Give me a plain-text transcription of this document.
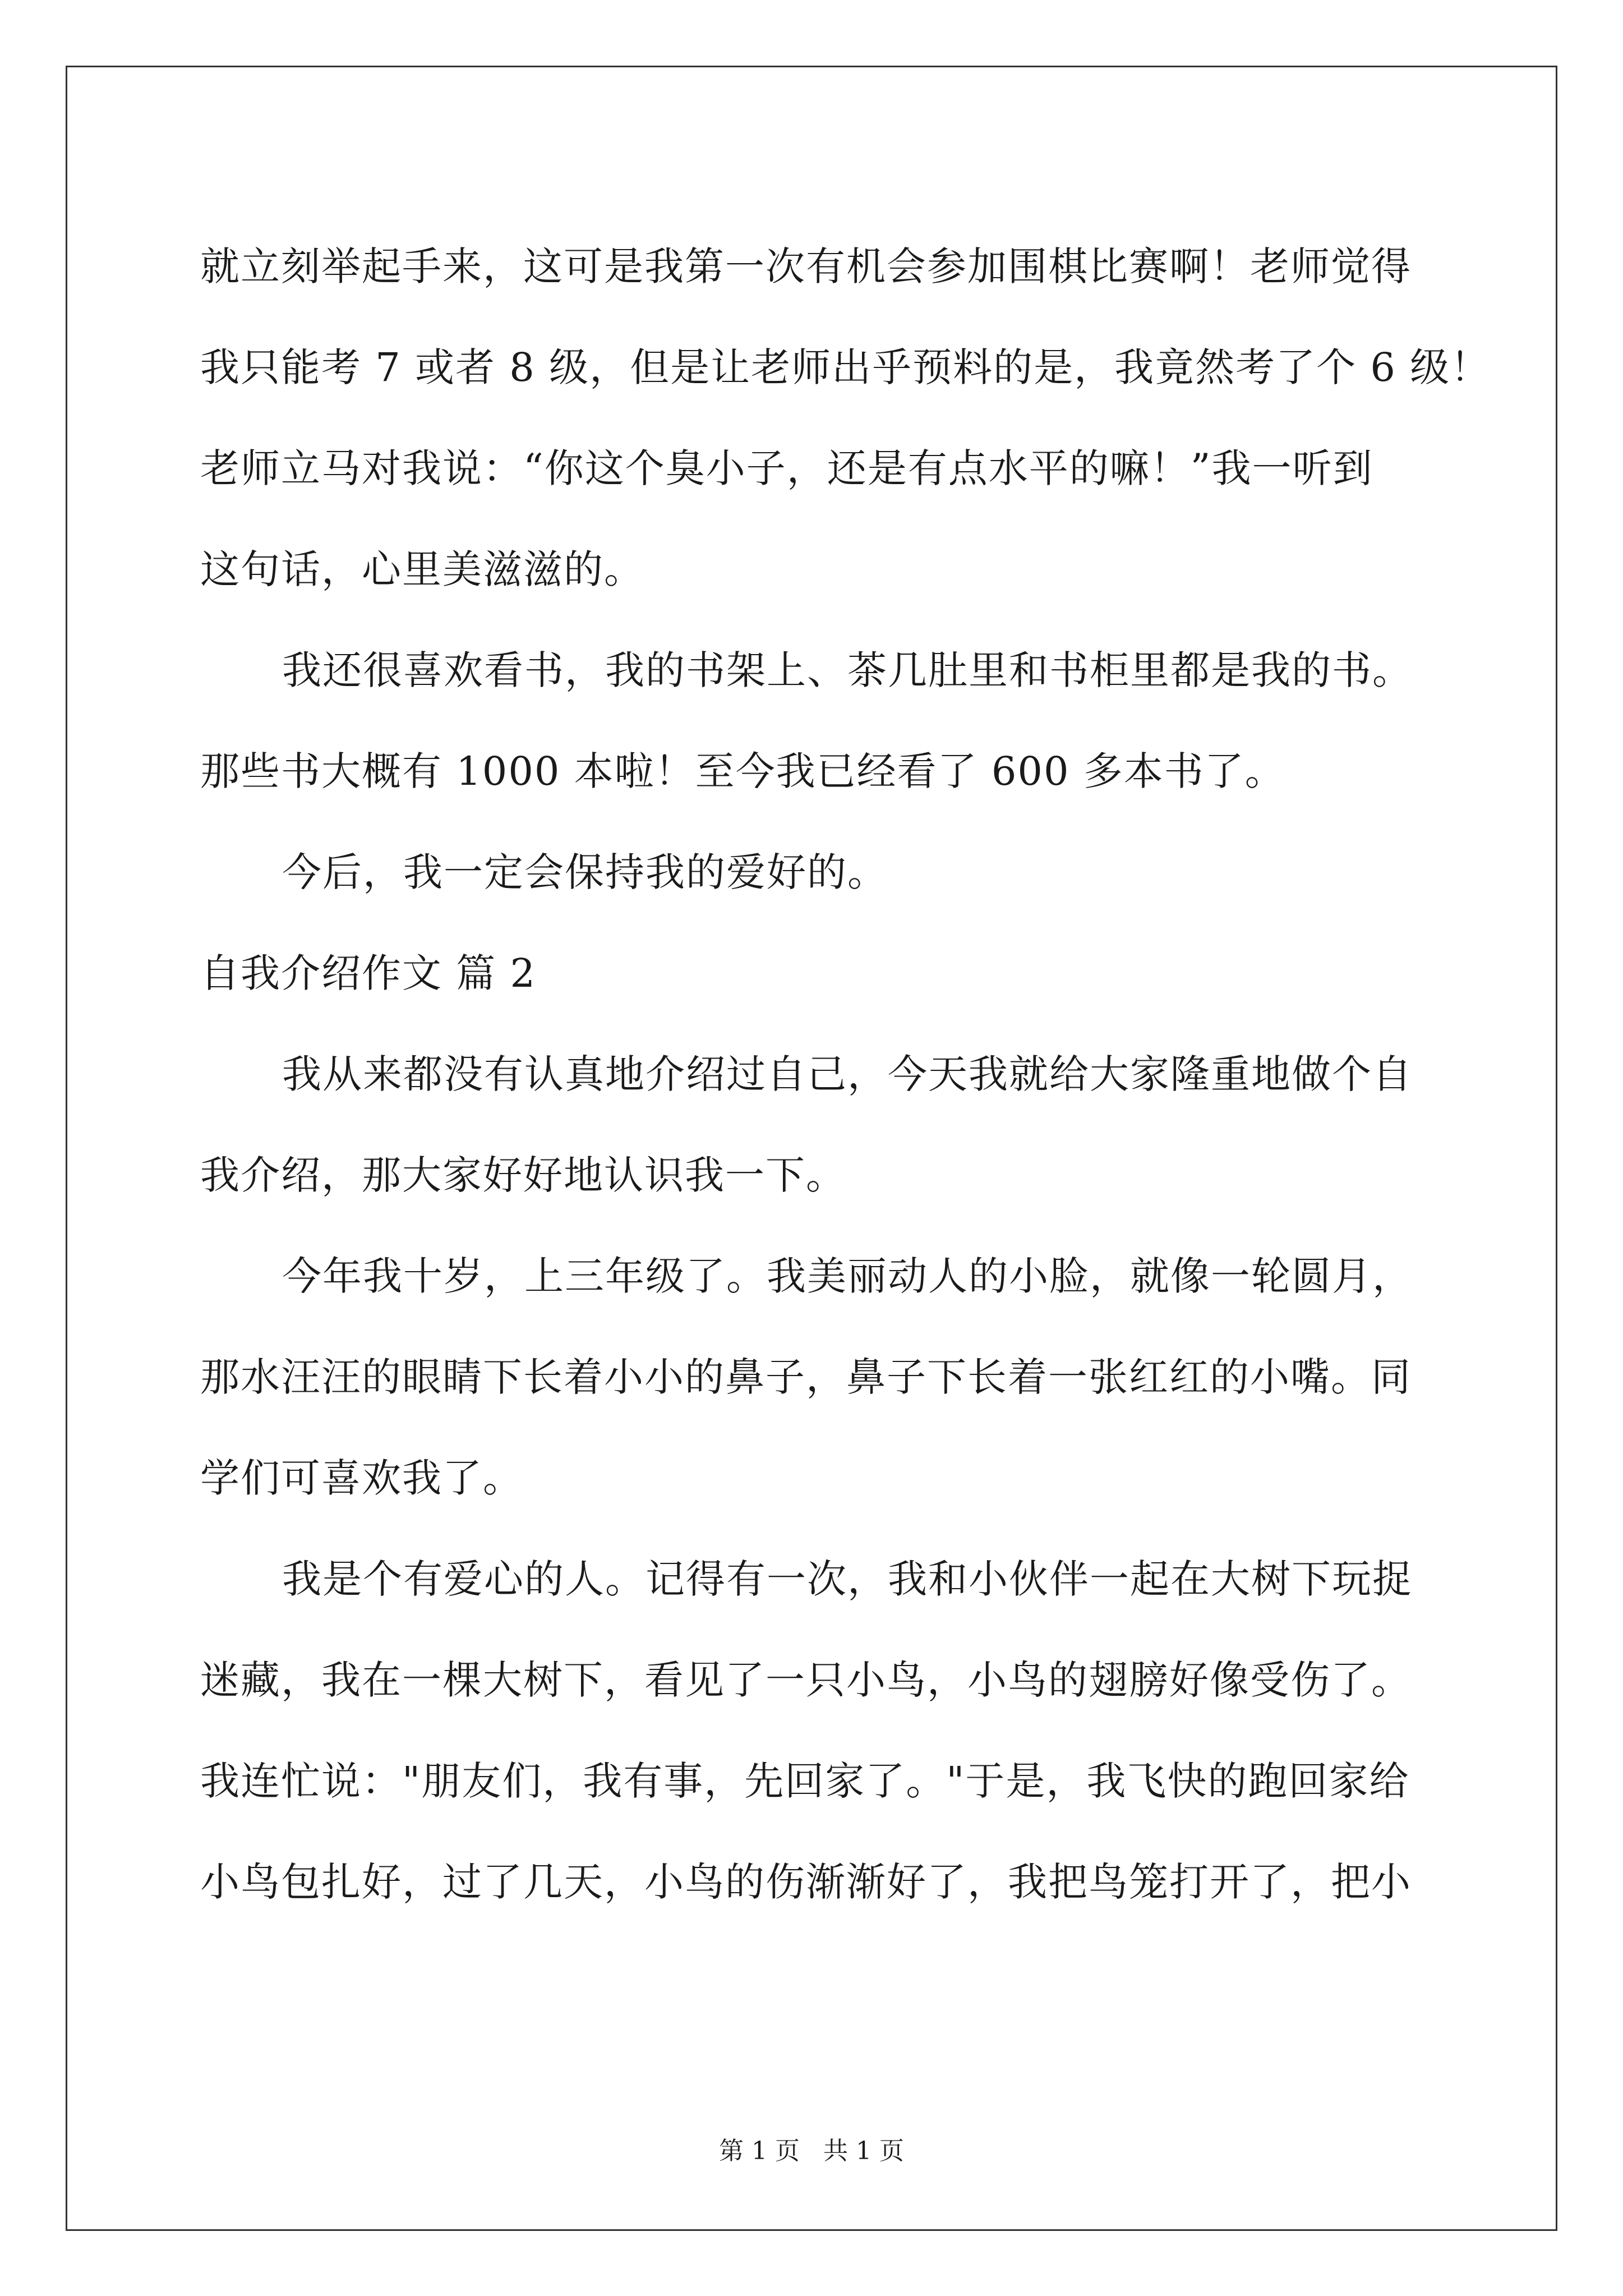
就立刻举起手来，这可是我第一次有机会参加围棋比赛啊！老师觉得
我只能考 7 或者 8 级，但是让老师出乎预料的是，我竟然考了个 6 级！
老师立马对我说：“你这个臭小子，还是有点水平的嘛！”我一听到
这句话，心里美滋滋的。
我还很喜欢看书，我的书架上、茶几肚里和书柜里都是我的书。
那些书大概有 1000 本啦！至今我已经看了 600 多本书了。
今后，我一定会保持我的爱好的。
自我介绍作文 篇 2
我从来都没有认真地介绍过自己，今天我就给大家隆重地做个自
我介绍，那大家好好地认识我一下。
今年我十岁，上三年级了。我美丽动人的小脸，就像一轮圆月，
那水汪汪的眼睛下长着小小的鼻子，鼻子下长着一张红红的小嘴。同
学们可喜欢我了。
我是个有爱心的人。记得有一次，我和小伙伴一起在大树下玩捉
迷藏，我在一棵大树下，看见了一只小鸟，小鸟的翅膀好像受伤了。
我连忙说："朋友们，我有事，先回家了。"于是，我飞快的跑回家给
小鸟包扎好，过了几天，小鸟的伤渐渐好了，我把鸟笼打开了，把小
第 1 页   共 1 页
